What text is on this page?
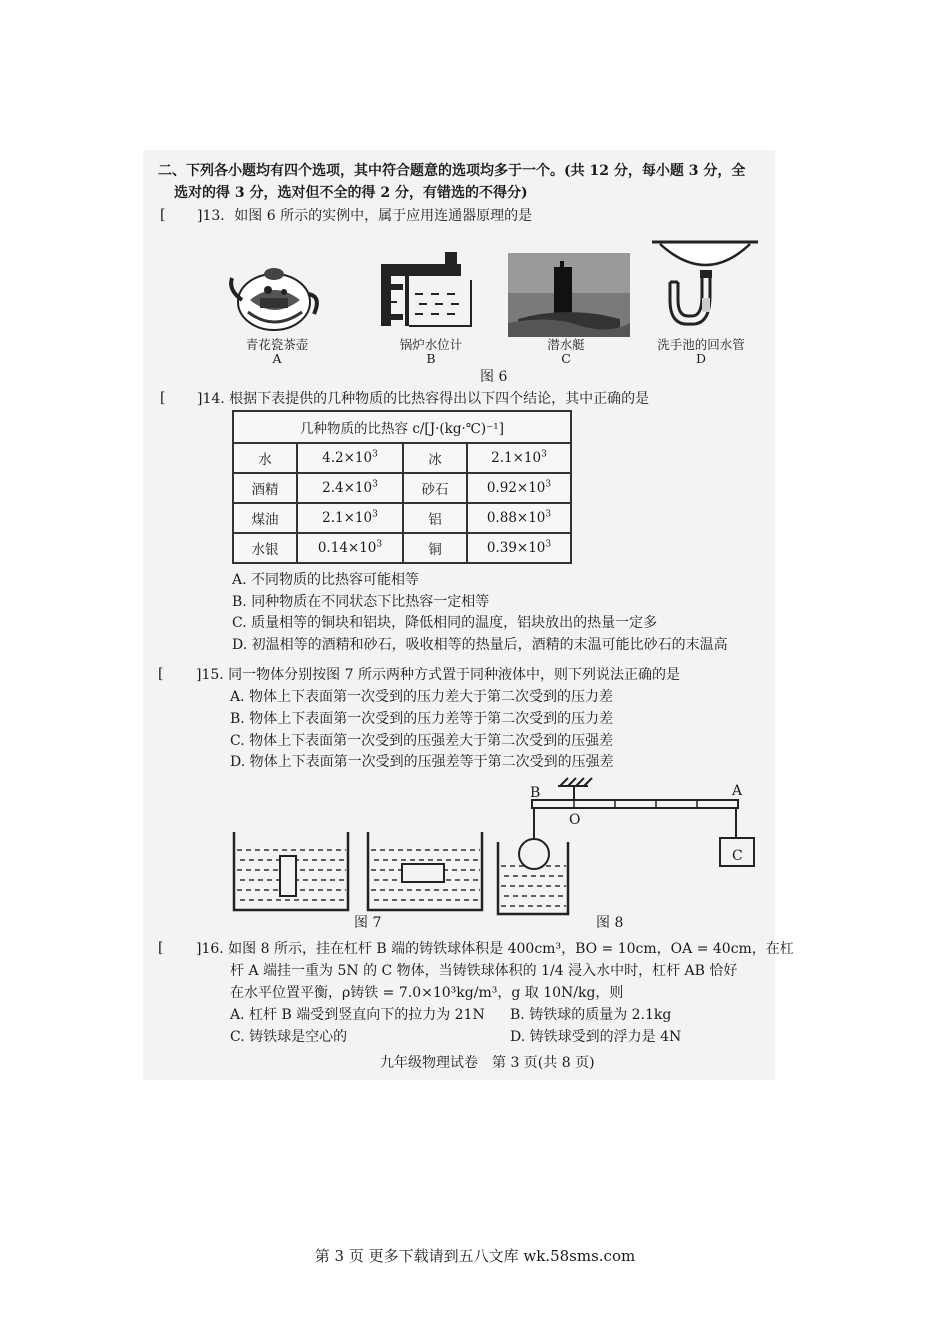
二、下列各小题均有四个选项，其中符合题意的选项均多于一个。(共 12 分，每小题 3 分，全
选对的得 3 分，选对但不全的得 2 分，有错选的不得分)
[ ]13．如图 6 所示的实例中，属于应用连通器原理的是
青花瓷茶壶
A
锅炉水位计
B
潜水艇
C
洗手池的回水管
D
图 6
[ ]14. 根据下表提供的几种物质的比热容得出以下四个结论，其中正确的是
几种物质的比热容 c/[J·(kg·℃)⁻¹]			
水	$4.2\times 10^3$	冰	$2.1\times 10^3$
酒精	$2.4\times 10^3$	砂石	$0.92\times 10^3$
煤油	$2.1\times 10^3$	铝	$0.88\times 10^3$
水银	$0.14\times 10^3$	铜	$0.39\times 10^3$
A. 不同物质的比热容可能相等
B. 同种物质在不同状态下比热容一定相等
C. 质量相等的铜块和铝块，降低相同的温度，铝块放出的热量一定多
D. 初温相等的酒精和砂石，吸收相等的热量后，酒精的末温可能比砂石的末温高
[ ]15. 同一物体分别按图 7 所示两种方式置于同种液体中，则下列说法正确的是
A. 物体上下表面第一次受到的压力差大于第二次受到的压力差
B. 物体上下表面第一次受到的压力差等于第二次受到的压力差
C. 物体上下表面第一次受到的压强差大于第二次受到的压强差
D. 物体上下表面第一次受到的压强差等于第二次受到的压强差
图 7
B
O
A
C
图 8
[ ]16. 如图 8 所示，挂在杠杆 B 端的铸铁球体积是 400cm³，BO = 10cm，OA = 40cm，在杠
杆 A 端挂一重为 5N 的 C 物体，当铸铁球体积的 1/4 浸入水中时，杠杆 AB 恰好
在水平位置平衡，ρ铸铁 = 7.0×10³kg/m³，g 取 10N/kg，则
A. 杠杆 B 端受到竖直向下的拉力为 21N B. 铸铁球的质量为 2.1kg
C. 铸铁球是空心的	D. 铸铁球受到的浮力是 4N
九年级物理试卷　第 3 页(共 8 页)
第 3 页 更多下载请到五八文库 wk.58sms.com
